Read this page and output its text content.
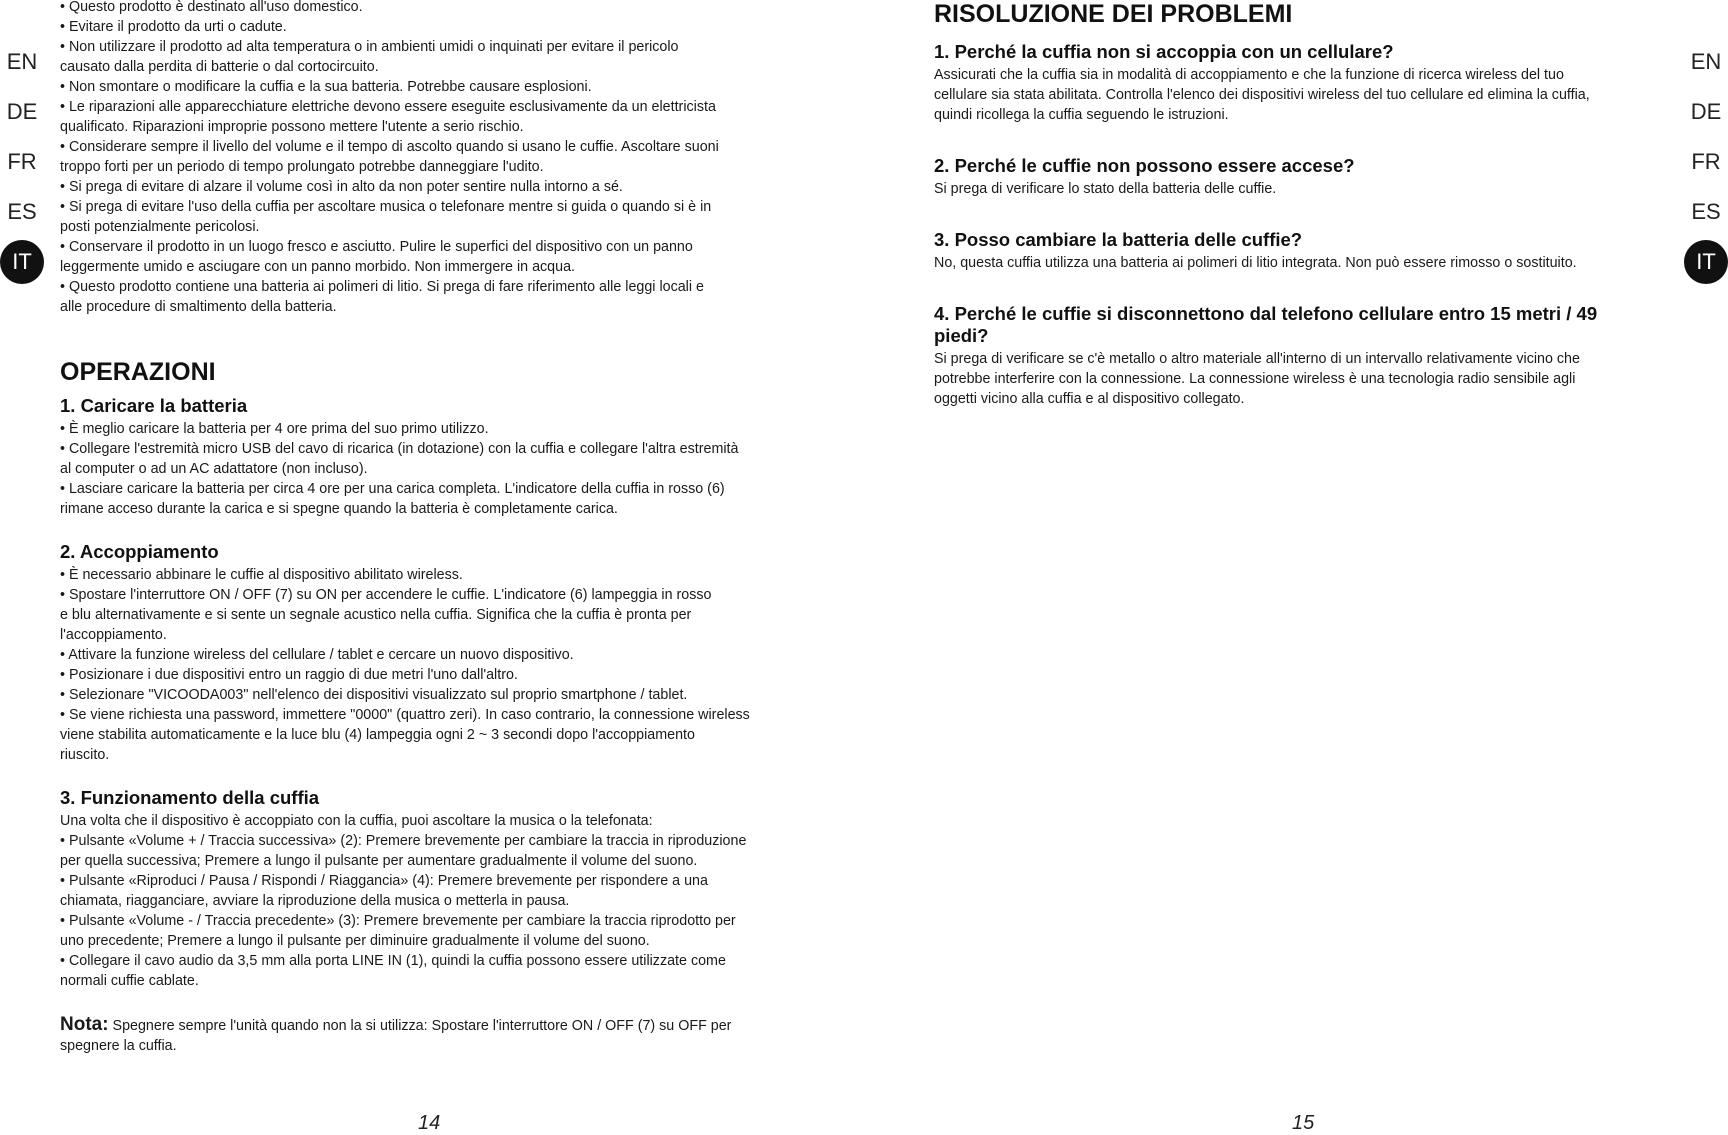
EN
DE
FR
ES
IT
EN
DE
FR
ES
IT
• Questo prodotto è destinato all'uso domestico.
• Evitare il prodotto da urti o cadute.
• Non utilizzare il prodotto ad alta temperatura o in ambienti umidi o inquinati per evitare il pericolo
causato dalla perdita di batterie o dal cortocircuito.
• Non smontare o modificare la cuffia e la sua batteria. Potrebbe causare esplosioni.
• Le riparazioni alle apparecchiature elettriche devono essere eseguite esclusivamente da un elettricista
qualificato. Riparazioni improprie possono mettere l'utente a serio rischio.
• Considerare sempre il livello del volume e il tempo di ascolto quando si usano le cuffie. Ascoltare suoni
troppo forti per un periodo di tempo prolungato potrebbe danneggiare l'udito.
• Si prega di evitare di alzare il volume così in alto da non poter sentire nulla intorno a sé.
• Si prega di evitare l'uso della cuffia per ascoltare musica o telefonare mentre si guida o quando si è in
posti potenzialmente pericolosi.
• Conservare il prodotto in un luogo fresco e asciutto. Pulire le superfici del dispositivo con un panno
leggermente umido e asciugare con un panno morbido. Non immergere in acqua.
• Questo prodotto contiene una batteria ai polimeri di litio. Si prega di fare riferimento alle leggi locali e
alle procedure di smaltimento della batteria.
OPERAZIONI
1. Caricare la batteria
• È meglio caricare la batteria per 4 ore prima del suo primo utilizzo.
• Collegare l'estremità micro USB del cavo di ricarica (in dotazione) con la cuffia e collegare l'altra estremità
al computer o ad un AC adattatore (non incluso).
• Lasciare caricare la batteria per circa 4 ore per una carica completa. L'indicatore della cuffia in rosso (6)
rimane acceso durante la carica e si spegne quando la batteria è completamente carica.
2. Accoppiamento
• È necessario abbinare le cuffie al dispositivo abilitato wireless.
• Spostare l'interruttore ON / OFF (7) su ON per accendere le cuffie. L'indicatore (6) lampeggia in rosso
e blu alternativamente e si sente un segnale acustico nella cuffia. Significa che la cuffia è pronta per
l'accoppiamento.
• Attivare la funzione wireless del cellulare / tablet e cercare un nuovo dispositivo.
• Posizionare i due dispositivi entro un raggio di due metri l'uno dall'altro.
• Selezionare "VICOODA003" nell'elenco dei dispositivi visualizzato sul proprio smartphone / tablet.
• Se viene richiesta una password, immettere "0000" (quattro zeri). In caso contrario, la connessione wireless
viene stabilita automaticamente e la luce blu (4) lampeggia ogni 2 ~ 3 secondi dopo l'accoppiamento
riuscito.
3. Funzionamento della cuffia
Una volta che il dispositivo è accoppiato con la cuffia, puoi ascoltare la musica o la telefonata:
• Pulsante «Volume + / Traccia successiva» (2): Premere brevemente per cambiare la traccia in riproduzione
per quella successiva; Premere a lungo il pulsante per aumentare gradualmente il volume del suono.
• Pulsante «Riproduci / Pausa / Rispondi / Riaggancia» (4): Premere brevemente per rispondere a una
chiamata, riagganciare, avviare la riproduzione della musica o metterla in pausa.
• Pulsante «Volume - / Traccia precedente» (3): Premere brevemente per cambiare la traccia riprodotto per
uno precedente; Premere a lungo il pulsante per diminuire gradualmente il volume del suono.
• Collegare il cavo audio da 3,5 mm alla porta LINE IN (1), quindi la cuffia possono essere utilizzate come
normali cuffie cablate.
Nota: Spegnere sempre l'unità quando non la si utilizza: Spostare l'interruttore ON / OFF (7) su OFF per
spegnere la cuffia.
RISOLUZIONE DEI PROBLEMI
1. Perché la cuffia non si accoppia con un cellulare?
Assicurati che la cuffia sia in modalità di accoppiamento e che la funzione di ricerca wireless del tuo
cellulare sia stata abilitata. Controlla l'elenco dei dispositivi wireless del tuo cellulare ed elimina la cuffia,
quindi ricollega la cuffia seguendo le istruzioni.
2. Perché le cuffie non possono essere accese?
Si prega di verificare lo stato della batteria delle cuffie.
3. Posso cambiare la batteria delle cuffie?
No, questa cuffia utilizza una batteria ai polimeri di litio integrata. Non può essere rimosso o sostituito.
4. Perché le cuffie si disconnettono dal telefono cellulare entro 15 metri / 49 piedi?
Si prega di verificare se c'è metallo o altro materiale all'interno di un intervallo relativamente vicino che
potrebbe interferire con la connessione. La connessione wireless è una tecnologia radio sensibile agli
oggetti vicino alla cuffia e al dispositivo collegato.
14	15
